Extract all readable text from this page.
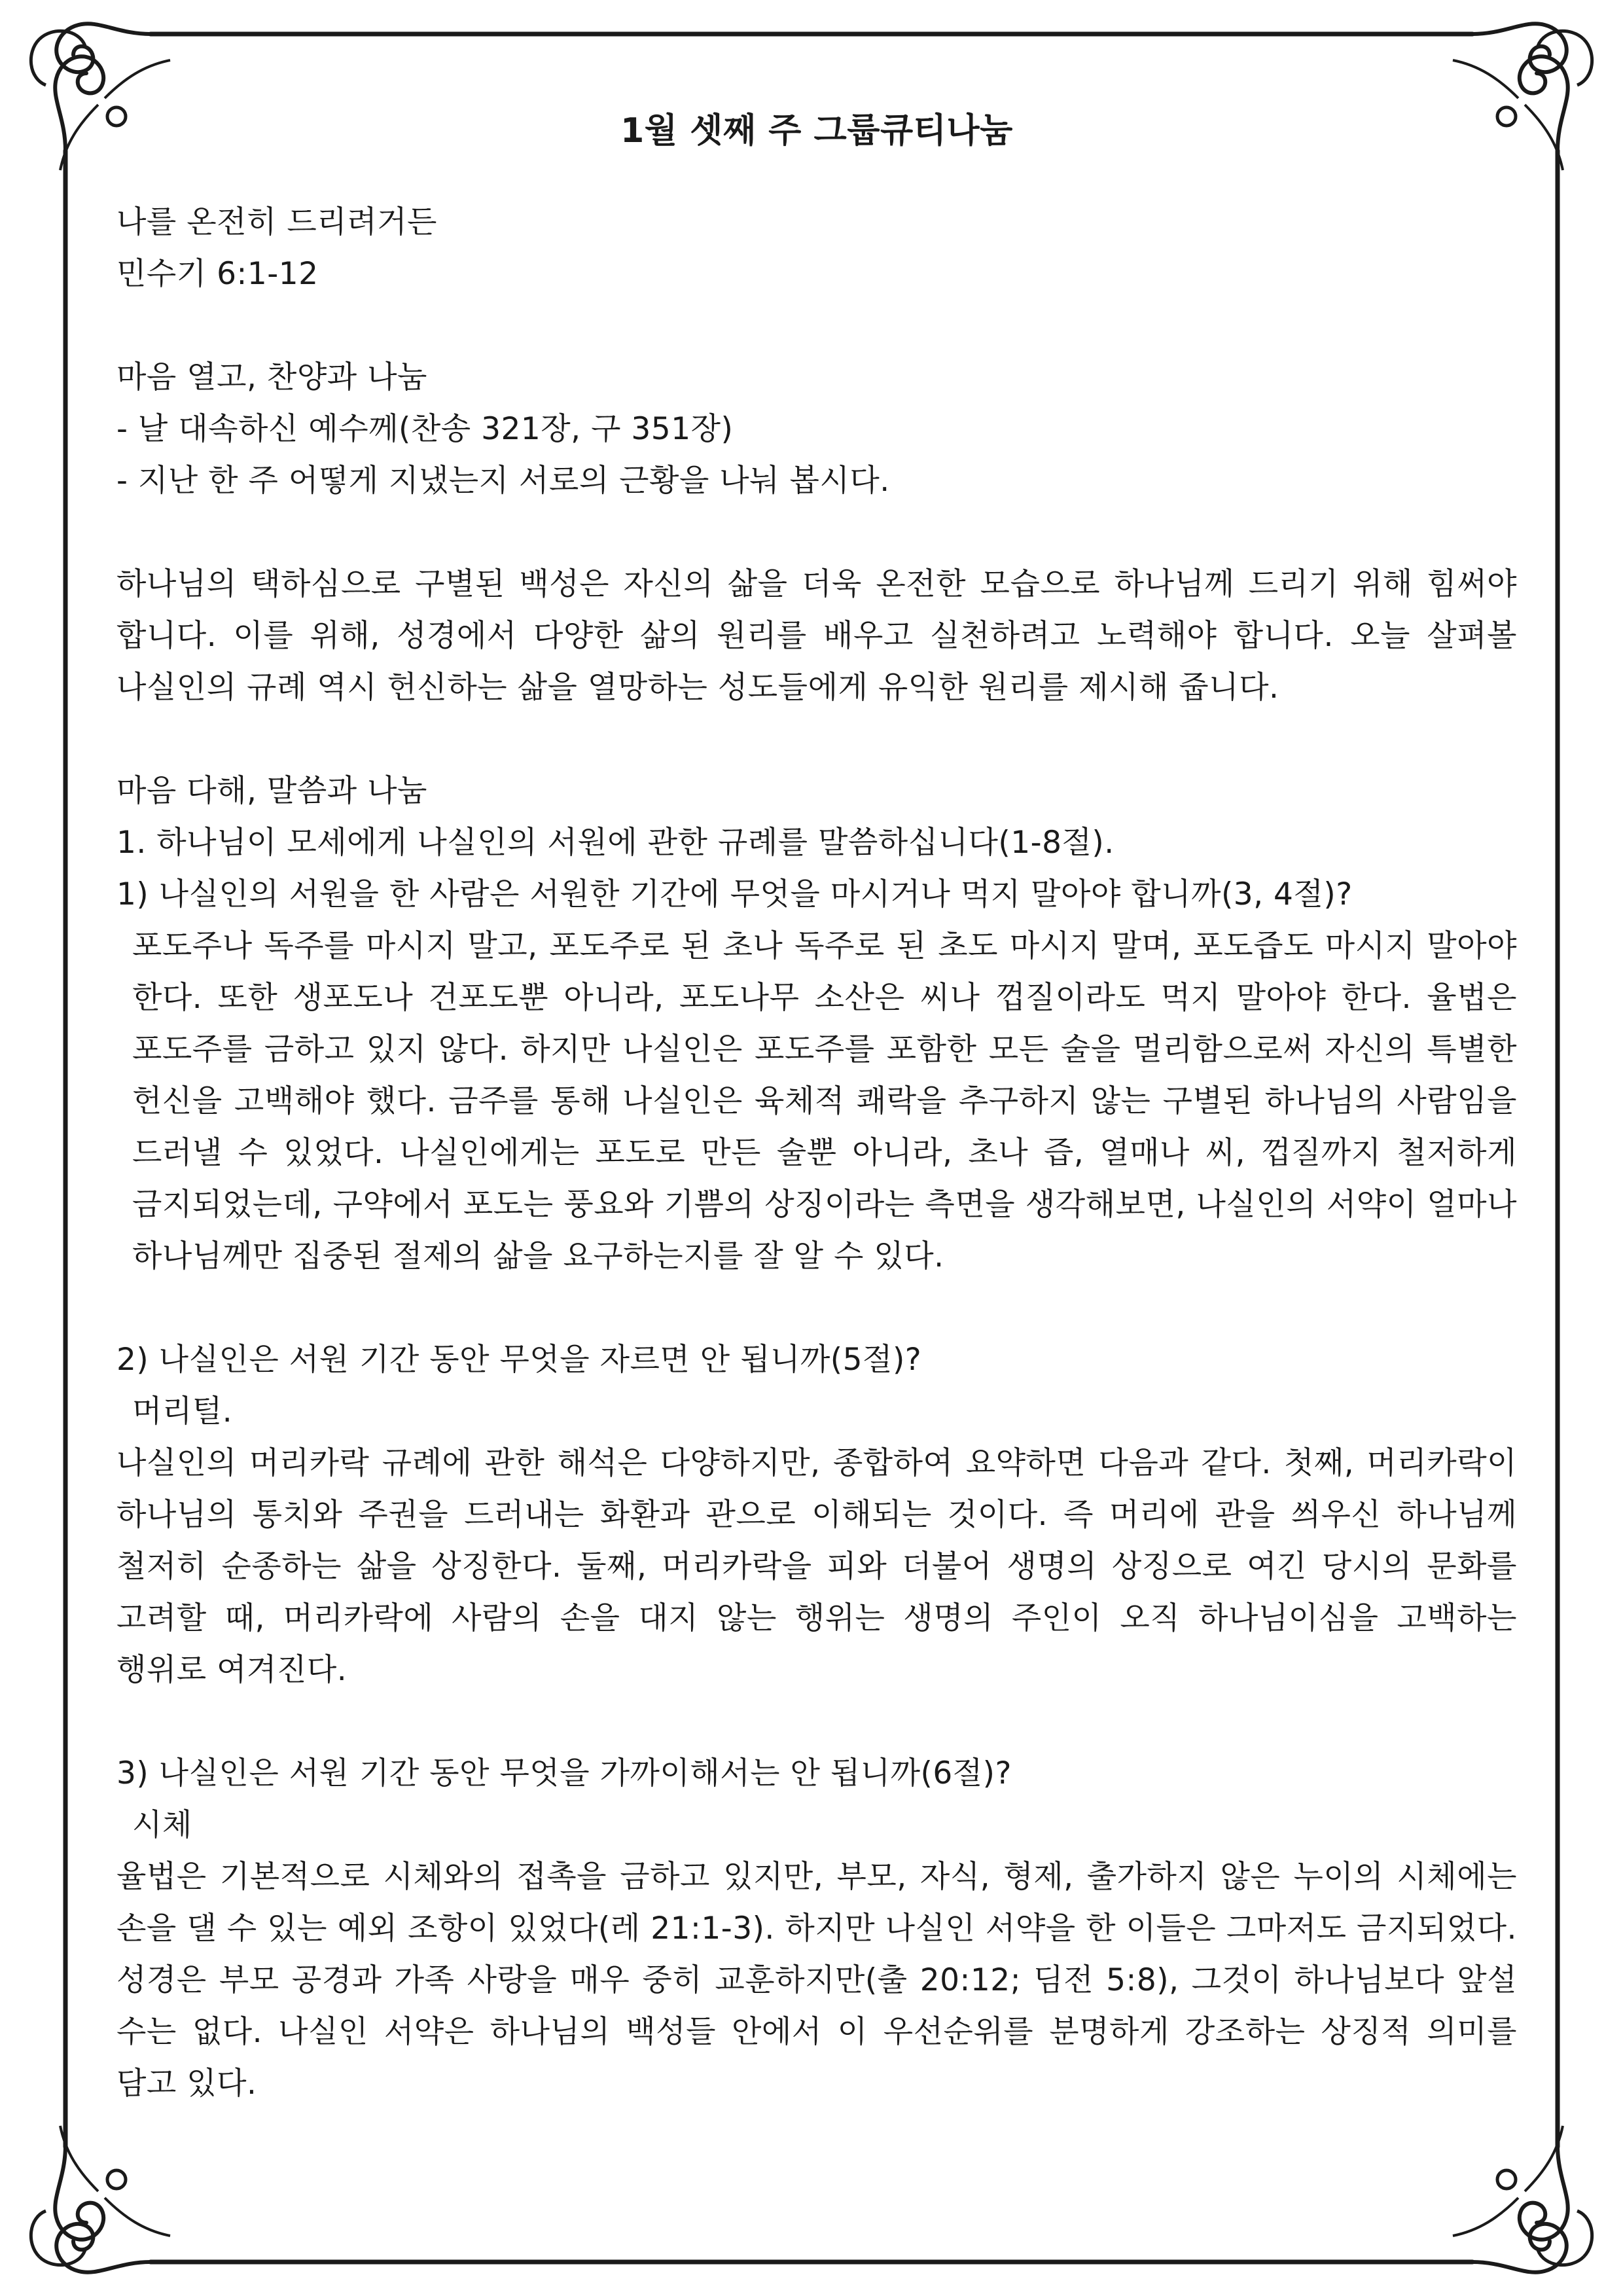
1월 셋째 주 그룹큐티나눔
나를 온전히 드리려거든
민수기 6:1-12
마음 열고, 찬양과 나눔
- 날 대속하신 예수께(찬송 321장, 구 351장)
- 지난 한 주 어떻게 지냈는지 서로의 근황을 나눠 봅시다.
하나님의 택하심으로 구별된 백성은 자신의 삶을 더욱 온전한 모습으로 하나님께 드리기 위해 힘써야 합니다. 이를 위해, 성경에서 다양한 삶의 원리를 배우고 실천하려고 노력해야 합니다. 오늘 살펴볼 나실인의 규례 역시 헌신하는 삶을 열망하는 성도들에게 유익한 원리를 제시해 줍니다.
마음 다해, 말씀과 나눔
1. 하나님이 모세에게 나실인의 서원에 관한 규례를 말씀하십니다(1-8절).
1) 나실인의 서원을 한 사람은 서원한 기간에 무엇을 마시거나 먹지 말아야 합니까(3, 4절)?
포도주나 독주를 마시지 말고, 포도주로 된 초나 독주로 된 초도 마시지 말며, 포도즙도 마시지 말아야 한다. 또한 생포도나 건포도뿐 아니라, 포도나무 소산은 씨나 껍질이라도 먹지 말아야 한다. 율법은 포도주를 금하고 있지 않다. 하지만 나실인은 포도주를 포함한 모든 술을 멀리함으로써 자신의 특별한 헌신을 고백해야 했다. 금주를 통해 나실인은 육체적 쾌락을 추구하지 않는 구별된 하나님의 사람임을 드러낼 수 있었다. 나실인에게는 포도로 만든 술뿐 아니라, 초나 즙, 열매나 씨, 껍질까지 철저하게 금지되었는데, 구약에서 포도는 풍요와 기쁨의 상징이라는 측면을 생각해보면, 나실인의 서약이 얼마나 하나님께만 집중된 절제의 삶을 요구하는지를 잘 알 수 있다.
2) 나실인은 서원 기간 동안 무엇을 자르면 안 됩니까(5절)?
머리털.
나실인의 머리카락 규례에 관한 해석은 다양하지만, 종합하여 요약하면 다음과 같다. 첫째, 머리카락이 하나님의 통치와 주권을 드러내는 화환과 관으로 이해되는 것이다. 즉 머리에 관을 씌우신 하나님께 철저히 순종하는 삶을 상징한다. 둘째, 머리카락을 피와 더불어 생명의 상징으로 여긴 당시의 문화를 고려할 때, 머리카락에 사람의 손을 대지 않는 행위는 생명의 주인이 오직 하나님이심을 고백하는 행위로 여겨진다.
3) 나실인은 서원 기간 동안 무엇을 가까이해서는 안 됩니까(6절)?
시체
율법은 기본적으로 시체와의 접촉을 금하고 있지만, 부모, 자식, 형제, 출가하지 않은 누이의 시체에는 손을 댈 수 있는 예외 조항이 있었다(레 21:1-3). 하지만 나실인 서약을 한 이들은 그마저도 금지되었다. 성경은 부모 공경과 가족 사랑을 매우 중히 교훈하지만(출 20:12; 딤전 5:8), 그것이 하나님보다 앞설 수는 없다. 나실인 서약은 하나님의 백성들 안에서 이 우선순위를 분명하게 강조하는 상징적 의미를 담고 있다.
